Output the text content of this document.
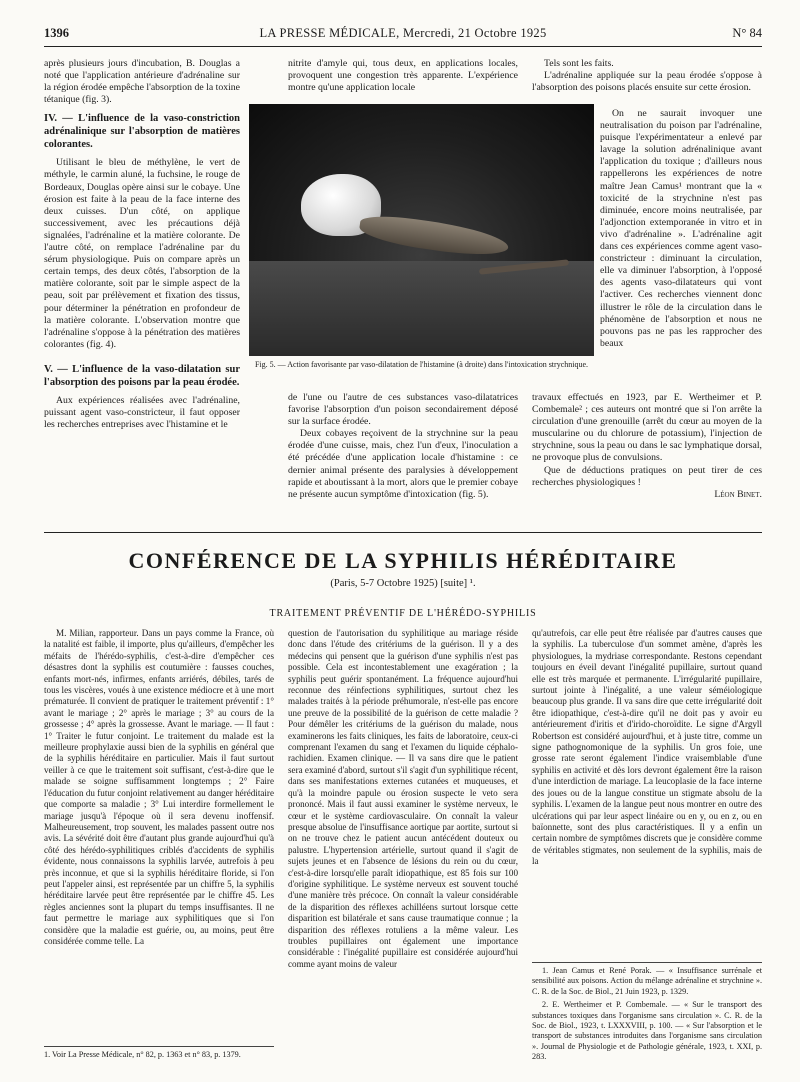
1396	LA PRESSE MÉDICALE, Mercredi, 21 Octobre 1925	N° 84

après plusieurs jours d'incubation, B. Douglas a noté que l'application antérieure d'adrénaline sur la région érodée empêche l'absorption de la toxine tétanique (fig. 3).

IV. — L'influence de la vaso-constriction adrénalinique sur l'absorption de matières colorantes.

Utilisant le bleu de méthylène, le vert de méthyle, le carmin aluné, la fuchsine, le rouge de Bordeaux, Douglas opère ainsi sur le cobaye. Une érosion est faite à la peau de la face interne des deux cuisses. D'un côté, on applique successivement, avec les précautions déjà signalées, l'adrénaline et la matière colorante. De l'autre côté, on remplace l'adrénaline par du sérum physiologique. Puis on compare après un certain temps, des deux côtés, l'absorption de la matière colorante, soit par le simple aspect de la peau, soit par prélèvement et fixation des tissus, pour déterminer la pénétration en profondeur de la matière colorante. L'observation montre que l'adrénaline s'oppose à la pénétration des matières colorantes (fig. 4).

V. — L'influence de la vaso-dilatation sur l'absorption des poisons par la peau érodée.

Aux expériences réalisées avec l'adrénaline, puissant agent vaso-constricteur, il faut opposer les recherches entreprises avec l'histamine et le

nitrite d'amyle qui, tous deux, en applications locales, provoquent une congestion très apparente. L'expérience montre qu'une application locale

Fig. 5. — Action favorisante par vaso-dilatation de l'histamine (à droite) dans l'intoxication strychnique.

de l'une ou l'autre de ces substances vaso-dilatatrices favorise l'absorption d'un poison secondairement déposé sur la surface érodée.

Deux cobayes reçoivent de la strychnine sur la peau érodée d'une cuisse, mais, chez l'un d'eux, l'inoculation a été précédée d'une application locale d'histamine : ce dernier animal présente des paralysies à développement rapide et aboutissant à la mort, alors que le premier cobaye ne présente aucun symptôme d'intoxication (fig. 5).

Tels sont les faits.

L'adrénaline appliquée sur la peau érodée s'oppose à l'absorption des poisons placés ensuite sur cette érosion.

On ne saurait invoquer une neutralisation du poison par l'adrénaline, puisque l'expérimentateur a enlevé par lavage la solution adrénalinique avant l'application du toxique ; d'ailleurs nous rappellerons les expériences de notre maître Jean Camus¹ montrant que la « toxicité de la strychnine n'est pas diminuée, encore moins neutralisée, par l'adjonction extemporanée in vitro et in vivo d'adrénaline ». L'adrénaline agit dans ces expériences comme agent vaso-constricteur : diminuant la circulation, elle va diminuer l'absorption, à l'opposé des agents vaso-dilatateurs qui vont l'activer. Ces recherches viennent donc illustrer le rôle de la circulation dans le phénomène de l'absorption et nous ne pouvons pas ne pas les rapprocher des beaux

travaux effectués en 1923, par E. Wertheimer et P. Combemale² ; ces auteurs ont montré que si l'on arrête la circulation d'une grenouille (arrêt du cœur au moyen de la muscularine ou du chlorure de potassium), l'injection de strychnine, sous la peau ou dans le sac lymphatique dorsal, ne provoque plus de convulsions.

Que de déductions pratiques on peut tirer de ces recherches physiologiques !

Léon Binet.

CONFÉRENCE DE LA SYPHILIS HÉRÉDITAIRE
(Paris, 5-7 Octobre 1925) [suite] ¹.
TRAITEMENT PRÉVENTIF DE L'HÉRÉDO-SYPHILIS

M. Milian, rapporteur. Dans un pays comme la France, où la natalité est faible, il importe, plus qu'ailleurs, d'empêcher les méfaits de l'hérédo-syphilis, c'est-à-dire d'empêcher ces désastres dont la syphilis est coutumière : fausses couches, enfants mort-nés, infirmes, enfants arriérés, débiles, tarés de tous les viscères, voués à une existence médiocre et à une mort prématurée. Il convient de pratiquer le traitement préventif : 1° avant le mariage ; 2° après le mariage ; 3° au cours de la grossesse ; 4° après la grossesse. Avant le mariage. — Il faut : 1° Traiter le futur conjoint. Le traitement du malade est la meilleure prophylaxie aussi bien de la syphilis en général que de la syphilis héréditaire en particulier. Mais il faut surtout veiller à ce que le traitement soit suffisant, c'est-à-dire que le malade se soigne suffisamment longtemps ; 2° Faire l'éducation du futur conjoint relativement au danger héréditaire que comporte sa maladie ; 3° Lui interdire formellement le mariage jusqu'à l'époque où il sera devenu inoffensif. Malheureusement, trop souvent, les malades passent outre nos avis. La sévérité doit être d'autant plus grande aujourd'hui qu'à côté des hérédo-syphilitiques criblés d'accidents de syphilis évidente, nous connaissons la syphilis larvée, autrefois à peu près inconnue, et que si la syphilis héréditaire floride, si l'on peut l'appeler ainsi, est représentée par un chiffre 5, la syphilis héréditaire larvée peut être représentée par le chiffre 45. Les règles anciennes sont la plupart du temps insuffisantes. Il ne faut permettre le mariage aux syphilitiques que si l'on considère que la maladie est guérie, ou, au moins, peut être considérée comme telle. La

1. Voir La Presse Médicale, n° 82, p. 1363 et n° 83, p. 1379.

question de l'autorisation du syphilitique au mariage réside donc dans l'étude des critériums de la guérison. Il y a des médecins qui pensent que la guérison d'une syphilis n'est pas possible. Cela est incontestablement une exagération ; la syphilis peut guérir spontanément. La fréquence aujourd'hui reconnue des réinfections syphilitiques, surtout chez les malades traités à la période préhumorale, n'est-elle pas encore une preuve de la possibilité de la guérison de cette maladie ? Pour démêler les critériums de la guérison du malade, nous examinerons les faits cliniques, les faits de laboratoire, ceux-ci comprenant l'examen du sang et l'examen du liquide céphalo-rachidien. Examen clinique. — Il va sans dire que le patient sera examiné d'abord, surtout s'il s'agit d'un syphilitique récent, dans ses manifestations externes cutanées et muqueuses, et qu'à la moindre papule ou érosion suspecte le veto sera prononcé. Mais il faut aussi examiner le système nerveux, le cœur et le système cardiovasculaire. On connaît la valeur presque absolue de l'insuffisance aortique par aortite, surtout si on ne trouve chez le patient aucun antécédent douteux ou palustre. L'hypertension artérielle, surtout quand il s'agit de sujets jeunes et en l'absence de lésions du rein ou du cœur, c'est-à-dire lorsqu'elle paraît idiopathique, est 85 fois sur 100 d'origine syphilitique. Le système nerveux est souvent touché d'une manière très précoce. On connaît la valeur considérable de la disparition des réflexes achilléens surtout lorsque cette disparition est bilatérale et sans cause traumatique connue ; la disparition des réflexes rotuliens a la même valeur. Les troubles pupillaires ont également une importance considérable : l'inégalité pupillaire est considérée aujourd'hui comme ayant moins de valeur

qu'autrefois, car elle peut être réalisée par d'autres causes que la syphilis. La tuberculose d'un sommet amène, d'après les physiologues, la mydriase correspondante. Restons cependant toujours en éveil devant l'inégalité pupillaire, surtout quand elle est très marquée et permanente. L'irrégularité pupillaire, surtout jointe à l'inégalité, a une valeur séméiologique beaucoup plus grande. Il va sans dire que cette irrégularité doit être idiopathique, c'est-à-dire qu'il ne doit pas y avoir eu antérieurement d'iritis et d'irido-choroïdite. Le signe d'Argyll Robertson est considéré aujourd'hui, et à juste titre, comme un signe pathognomonique de la syphilis. Un gros foie, une grosse rate seront également l'indice vraisemblable d'une syphilis en activité et dès lors devront également être la raison d'une interdiction de mariage. La leucoplasie de la face interne des joues ou de la langue constitue un stigmate absolu de la syphilis. L'examen de la langue peut nous montrer en outre des ulcérations qui par leur aspect linéaire ou en y, ou en z, ou en baïonnette, sont des plus caractéristiques. Il y a enfin un certain nombre de symptômes discrets que je considère comme de véritables stigmates, non seulement de la syphilis, mais de la

1. Jean Camus et René Porak. — « Insuffisance surrénale et sensibilité aux poisons. Action du mélange adrénaline et strychnine ». C. R. de la Soc. de Biol., 21 Juin 1923, p. 1329.

2. E. Wertheimer et P. Combemale. — « Sur le transport des substances toxiques dans l'organisme sans circulation ». C. R. de la Soc. de Biol., 1923, t. LXXXVIII, p. 100. — « Sur l'absorption et le transport de substances introduites dans l'organisme sans circulation ». Journal de Physiologie et de Pathologie générale, 1923, t. XXI, p. 283.
